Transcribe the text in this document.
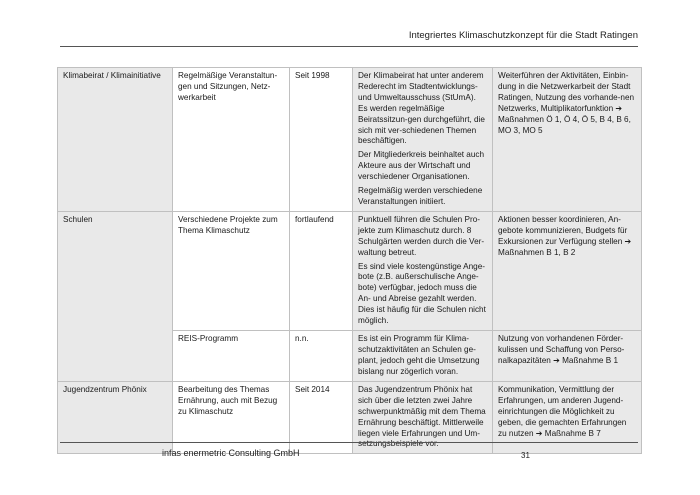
Integriertes Klimaschutzkonzept für die Stadt Ratingen
Klimabeirat / Klimainitiative	Regelmäßige Veranstaltun-gen und Sitzungen, Netz-werkarbeit	Seit 1998	Der Klimabeirat hat unter anderem Rederecht im Stadtentwicklungs- und Umweltausschuss (StUmA). Es werden regelmäßige Beiratssitzun-gen durchgeführt, die sich mit ver-schiedenen Themen beschäftigen.
Der Mitgliederkreis beinhaltet auch Akteure aus der Wirtschaft und verschiedener Organisationen.
Regelmäßig werden verschiedene Veranstaltungen initiiert.	Weiterführen der Aktivitäten, Einbin-dung in die Netzwerkarbeit der Stadt Ratingen, Nutzung des vorhande-nen Netzwerks, Multiplikatorfunktion ➔ Maßnahmen Ö 1, Ö 4, Ö 5, B 4, B 6, MO 3, MO 5
Schulen	Verschiedene Projekte zum Thema Klimaschutz	fortlaufend	Punktuell führen die Schulen Pro-jekte zum Klimaschutz durch. 8 Schulgärten werden durch die Ver-waltung betreut.
Es sind viele kostengünstige Ange-bote (z.B. außerschulische Ange-bote) verfügbar, jedoch muss die An- und Abreise gezahlt werden. Dies ist häufig für die Schulen nicht möglich.	Aktionen besser koordinieren, An-gebote kommunizieren, Budgets für Exkursionen zur Verfügung stellen ➔ Maßnahmen B 1, B 2
	REIS-Programm	n.n.	Es ist ein Programm für Klima-schutzaktivitäten an Schulen ge-plant, jedoch geht die Umsetzung bislang nur zögerlich voran.	Nutzung von vorhandenen Förder-kulissen und Schaffung von Perso-nalkapazitäten ➔ Maßnahme B 1
Jugendzentrum Phönix	Bearbeitung des Themas Ernährung, auch mit Bezug zu Klimaschutz	Seit 2014	Das Jugendzentrum Phönix hat sich über die letzten zwei Jahre schwerpunktmäßig mit dem Thema Ernährung beschäftigt. Mittlerweile liegen viele Erfahrungen und Um-setzungsbeispiele vor.	Kommunikation, Vermittlung der Erfahrungen, um anderen Jugend-einrichtungen die Möglichkeit zu geben, die gemachten Erfahrungen zu nutzen ➔ Maßnahme B 7
infas enermetric Consulting GmbH	31
